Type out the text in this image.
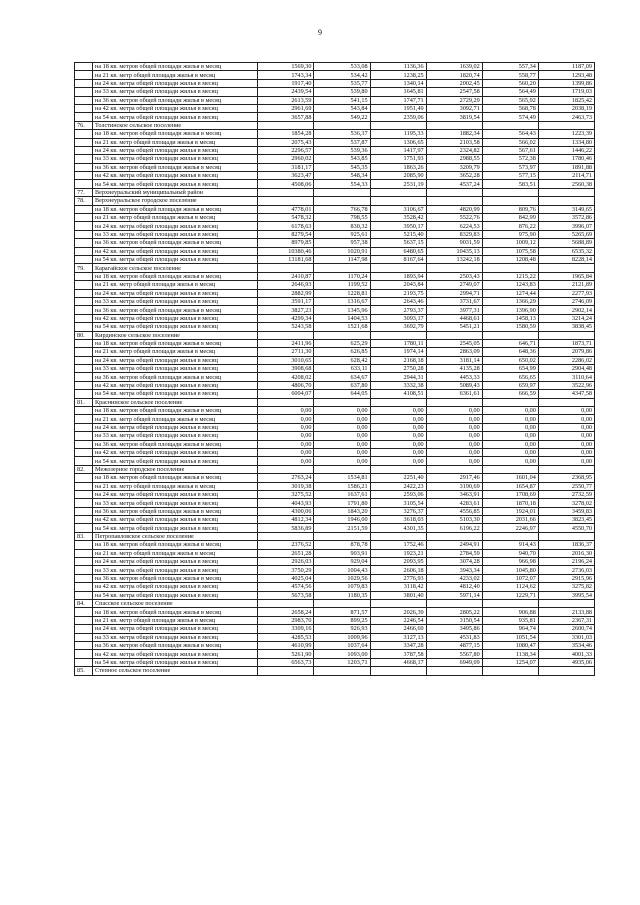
9
	на 18 кв. метров общей площади жилья в месяц	1569,30	533,08	1136,36	1639,02	557,34	1187,09
	на 21 кв. метр общей площади жилья в месяц	1743,34	534,42	1238,25	1820,74	558,77	1293,48
	на 24 кв. метра общей площади жилья в месяц	1917,40	535,77	1340,14	2002,45	560,20	1399,86
	на 33 кв. метра общей площади жилья в месяц	2439,54	539,80	1645,81	2547,58	564,49	1719,03
	на 36 кв. метров общей площади жилья в месяц	2613,59	541,15	1747,71	2729,29	565,92	1825,42
	на 42 кв. метра общей площади жилья в месяц	2961,69	543,84	1951,49	3092,71	568,78	2038,19
	на 54 кв. метра общей площади жилья в месяц	3657,88	549,22	2359,06	3819,54	574,49	2463,73
76.	Толстинское сельское поселение						
	на 18 кв. метров общей площади жилья в месяц	1854,28	536,37	1195,33	1882,34	564,43	1223,39
	на 21 кв. метр общей площади жилья в месяц	2075,43	537,87	1306,65	2103,58	566,02	1334,80
	на 24 кв. метра общей площади жилья в месяц	2296,57	539,36	1417,97	2324,82	567,61	1446,22
	на 33 кв. метра общей площади жилья в месяц	2960,02	543,85	1751,93	2988,55	572,38	1780,46
	на 36 кв. метров общей площади жилья в месяц	3181,17	545,35	1863,26	3209,79	573,97	1891,88
	на 42 кв. метра общей площади жилья в месяц	3623,47	548,34	2085,90	3652,28	577,15	2114,71
	на 54 кв. метра общей площади жилья в месяц	4508,06	554,33	2531,19	4537,24	583,51	2560,38
77.	Верхнеуральский муниципальный район						
78.	Верхнеуральское городское поселение						
	на 18 кв. метров общей площади жилья в месяц	4778,01	766,78	3106,67	4820,99	809,76	3149,65
	на 21 кв. метр общей площади жилья в месяц	5478,32	798,55	3528,42	5522,76	842,99	3572,86
	на 24 кв. метра общей площади жилья в месяц	6178,63	830,32	3950,17	6224,53	876,22	3996,07
	на 33 кв. метра общей площади жилья в месяц	8279,54	925,61	5215,40	8329,83	975,90	5265,69
	на 36 кв. метров общей площади жилья в месяц	8979,85	957,38	5637,15	9031,59	1009,12	5688,89
	на 42 кв. метра общей площади жилья в месяц	10380,46	1020,91	6480,65	10435,13	1075,58	6535,32
	на 54 кв. метра общей площади жилья в месяц	13181,68	1147,98	8167,64	13242,18	1208,48	8228,14
79.	Карагайское сельское поселение						
	на 18 кв. метров общей площади жилья в месяц	2410,87	1170,24	1893,94	2503,43	1215,22	1965,84
	на 21 кв. метр общей площади жилья в месяц	2646,93	1199,52	2043,84	2749,07	1243,83	2121,89
	на 24 кв. метра общей площади жилья в месяц	2882,99	1228,81	2193,75	2994,71	1274,44	2277,93
	на 33 кв. метра общей площади жилья в месяц	3591,17	1316,67	2643,46	3731,67	1366,29	2746,09
	на 36 кв. метров общей площади жилья в месяц	3827,23	1345,96	2793,37	3977,31	1396,90	2902,14
	на 42 кв. метра общей площади жилья в месяц	4299,34	1404,53	3093,17	4468,61	1458,13	3214,24
	на 54 кв. метра общей площади жилья в месяц	5243,58	1521,68	3692,79	5451,21	1580,59	3838,45
80.	Кирдинское сельское поселение						
	на 18 кв. метров общей площади жилья в месяц	2411,96	625,29	1780,11	2545,05	646,71	1873,71
	на 21 кв. метр общей площади жилья в месяц	2711,30	626,85	1974,14	2863,09	648,36	2079,86
	на 24 кв. метра общей площади жилья в месяц	3010,65	628,42	2168,18	3181,14	650,02	2286,02
	на 33 кв. метра общей площади жилья в месяц	3908,68	633,11	2750,28	4135,28	654,99	2904,48
	на 36 кв. метров общей площади жилья в месяц	4208,02	634,67	2944,31	4453,33	656,65	3110,64
	на 42 кв. метра общей площади жилья в месяц	4806,70	637,80	3332,38	5089,43	659,97	3522,96
	на 54 кв. метра общей площади жилья в месяц	6004,07	644,05	4108,51	6361,61	666,59	4347,58
81.	Краснинское сельское поселение						
	на 18 кв. метров общей площади жилья в месяц	0,00	0,00	0,00	0,00	0,00	0,00
	на 21 кв. метр общей площади жилья в месяц	0,00	0,00	0,00	0,00	0,00	0,00
	на 24 кв. метра общей площади жилья в месяц	0,00	0,00	0,00	0,00	0,00	0,00
	на 33 кв. метра общей площади жилья в месяц	0,00	0,00	0,00	0,00	0,00	0,00
	на 36 кв. метров общей площади жилья в месяц	0,00	0,00	0,00	0,00	0,00	0,00
	на 42 кв. метра общей площади жилья в месяц	0,00	0,00	0,00	0,00	0,00	0,00
	на 54 кв. метра общей площади жилья в месяц	0,00	0,00	0,00	0,00	0,00	0,00
82.	Межозерное городское поселение						
	на 18 кв. метров общей площади жилья в месяц	2763,24	1534,81	2251,40	2917,46	1601,04	2368,95
	на 21 кв. метр общей площади жилья в месяц	3019,38	1586,21	2422,23	3190,69	1654,87	2550,77
	на 24 кв. метра общей площади жилья в месяц	3275,52	1637,61	2593,06	3463,91	1708,69	2732,59
	на 33 кв. метра общей площади жилья в месяц	4043,93	1791,80	3105,54	4283,61	1870,18	3278,02
	на 36 кв. метров общей площади жилья в месяц	4300,06	1843,20	3276,37	4556,85	1924,01	3459,83
	на 42 кв. метра общей площади жилья в месяц	4812,34	1946,00	3618,03	5103,30	2031,66	3823,45
	на 54 кв. метра общей площади жилья в месяц	5836,89	2151,59	4301,35	6196,22	2246,97	4550,70
83.	Петропавловское сельское поселение						
	на 18 кв. метров общей площади жилья в месяц	2376,52	878,78	1752,46	2494,91	914,43	1836,37
	на 21 кв. метр общей площади жилья в месяц	2651,28	903,91	1923,21	2784,59	940,70	2016,30
	на 24 кв. метра общей площади жилья в месяц	2926,03	929,04	2093,95	3074,28	966,98	2196,24
	на 33 кв. метра общей площади жилья в месяц	3750,29	1004,43	2606,18	3943,34	1045,80	2736,03
	на 36 кв. метров общей площади жилья в месяц	4025,04	1029,56	2776,93	4233,02	1072,07	2915,96
	на 42 кв. метра общей площади жилья в месяц	4574,56	1079,83	3118,42	4812,40	1124,62	3275,82
	на 54 кв. метра общей площади жилья в месяц	5673,58	1180,35	3801,40	5971,14	1229,71	3995,54
84.	Спасское сельское поселение						
	на 18 кв. метров общей площади жилья в месяц	2658,24	871,57	2026,39	2805,22	906,88	2133,88
	на 21 кв. метр общей площади жилья в месяц	2983,70	899,25	2246,54	3150,54	935,81	2367,31
	на 24 кв. метра общей площади жилья в месяц	3309,16	926,93	2466,69	3495,86	964,74	2600,74
	на 33 кв. метра общей площади жилья в месяц	4285,53	1009,96	3127,13	4531,83	1051,54	3301,03
	на 36 кв. метров общей площади жилья в месяц	4610,99	1037,64	3347,28	4877,15	1080,47	3534,46
	на 42 кв. метра общей площади жилья в месяц	5261,90	1093,00	3787,58	5567,80	1138,34	4001,33
	на 54 кв. метра общей площади жилья в месяц	6563,73	1203,71	4668,17	6949,09	1254,07	4935,06
85.	Степное сельское поселение						
